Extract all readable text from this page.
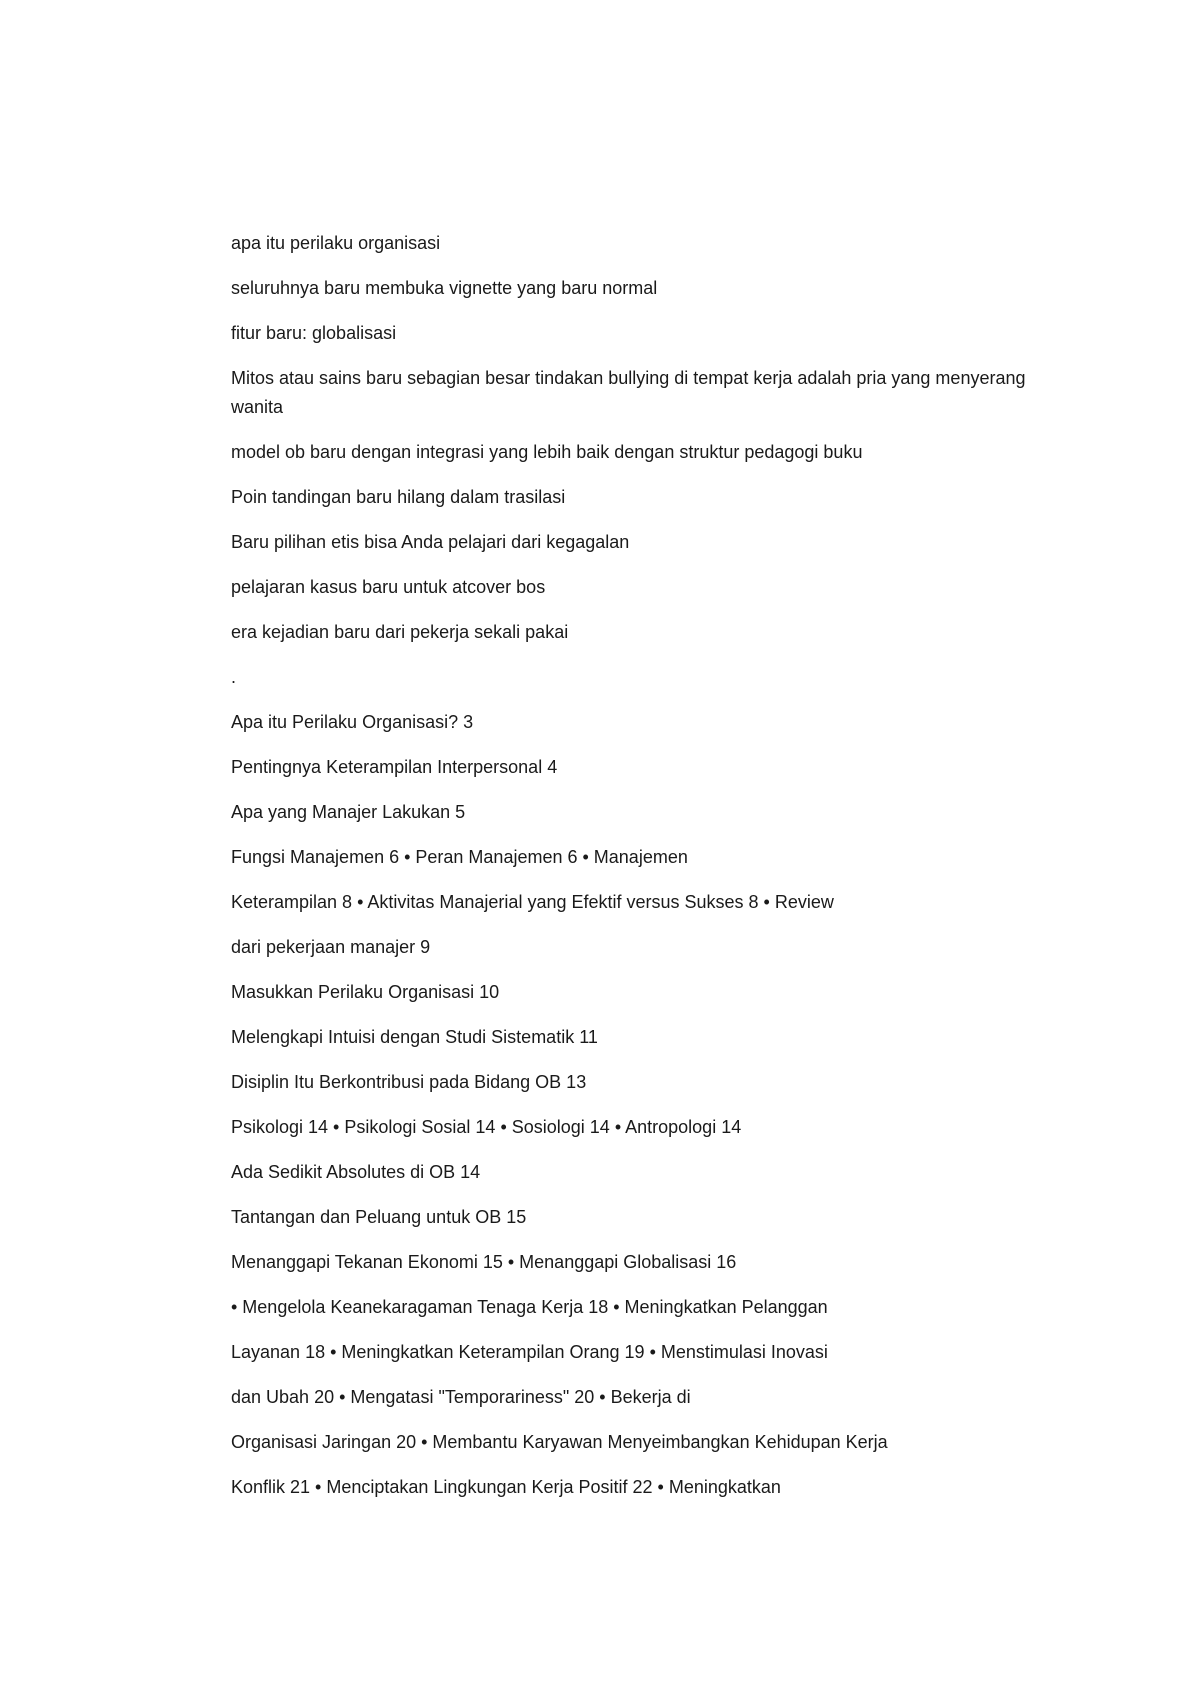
apa itu perilaku organisasi

seluruhnya baru membuka vignette yang baru normal

fitur baru: globalisasi

Mitos atau sains baru sebagian besar tindakan bullying di tempat kerja adalah pria yang menyerang wanita

model ob baru dengan integrasi yang lebih baik dengan struktur pedagogi buku

Poin tandingan baru hilang dalam trasilasi

Baru pilihan etis bisa Anda pelajari dari kegagalan

pelajaran kasus baru untuk atcover bos

era kejadian baru dari pekerja sekali pakai

.

Apa itu Perilaku Organisasi? 3

Pentingnya Keterampilan Interpersonal 4

Apa yang Manajer Lakukan 5

Fungsi Manajemen 6 • Peran Manajemen 6 • Manajemen

Keterampilan 8 • Aktivitas Manajerial yang Efektif versus Sukses 8 • Review

dari pekerjaan manajer 9

Masukkan Perilaku Organisasi 10

Melengkapi Intuisi dengan Studi Sistematik 11

Disiplin Itu Berkontribusi pada Bidang OB 13

Psikologi 14 • Psikologi Sosial 14 • Sosiologi 14 • Antropologi 14

Ada Sedikit Absolutes di OB 14

Tantangan dan Peluang untuk OB 15

Menanggapi Tekanan Ekonomi 15 • Menanggapi Globalisasi 16

• Mengelola Keanekaragaman Tenaga Kerja 18 • Meningkatkan Pelanggan

Layanan 18 • Meningkatkan Keterampilan Orang 19 • Menstimulasi Inovasi

dan Ubah 20 • Mengatasi "Temporariness" 20 • Bekerja di

Organisasi Jaringan 20 • Membantu Karyawan Menyeimbangkan Kehidupan Kerja

Konflik 21 • Menciptakan Lingkungan Kerja Positif 22 • Meningkatkan
